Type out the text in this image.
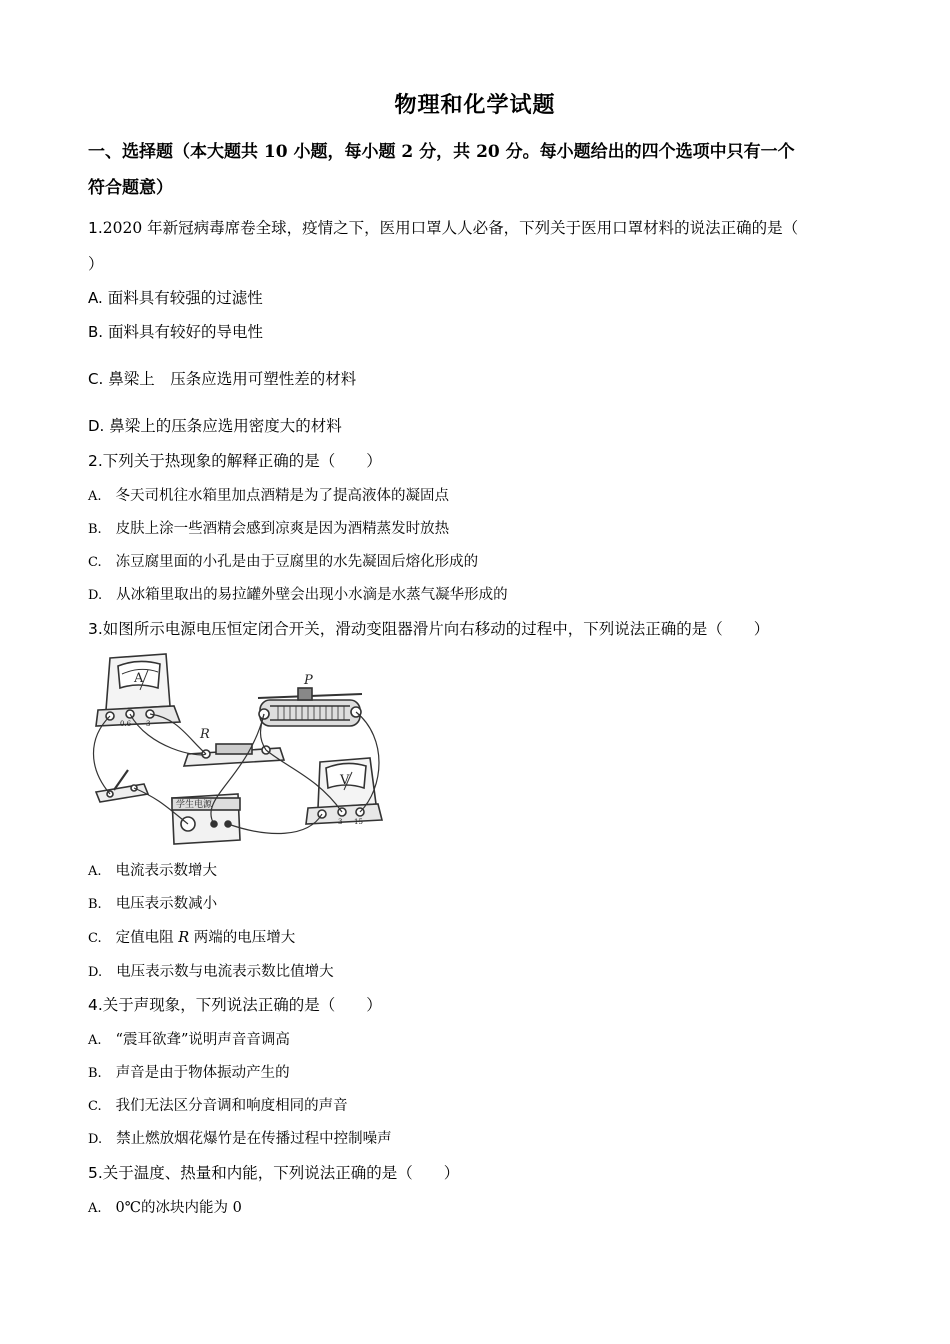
物理和化学试题
一、选择题（本大题共 10 小题，每小题 2 分，共 20 分。每小题给出的四个选项中只有一个
符合题意）
1.2020 年新冠病毒席卷全球，疫情之下，医用口罩人人必备，下列关于医用口罩材料的说法正确的是（
）
A. 面料具有较强的过滤性
B. 面料具有较好的导电性
C. 鼻梁上　压条应选用可塑性差的材料
D. 鼻梁上的压条应选用密度大的材料
2.下列关于热现象的解释正确的是（　　）
A. 冬天司机往水箱里加点酒精是为了提高液体的凝固点
B. 皮肤上涂一些酒精会感到凉爽是因为酒精蒸发时放热
C. 冻豆腐里面的小孔是由于豆腐里的水先凝固后熔化形成的
D. 从冰箱里取出的易拉罐外壁会出现小水滴是水蒸气凝华形成的
3.如图所示电源电压恒定闭合开关，滑动变阻器滑片向右移动的过程中，下列说法正确的是（　　）
A
0.6 3
P
R
V
3 15
学生电源
A. 电流表示数增大
B. 电压表示数减小
C. 定值电阻 R 两端的电压增大
D. 电压表示数与电流表示数比值增大
4.关于声现象，下列说法正确的是（　　）
A. “震耳欲聋”说明声音音调高
B. 声音是由于物体振动产生的
C. 我们无法区分音调和响度相同的声音
D. 禁止燃放烟花爆竹是在传播过程中控制噪声
5.关于温度、热量和内能，下列说法正确的是（　　）
A. 0℃的冰块内能为 0
